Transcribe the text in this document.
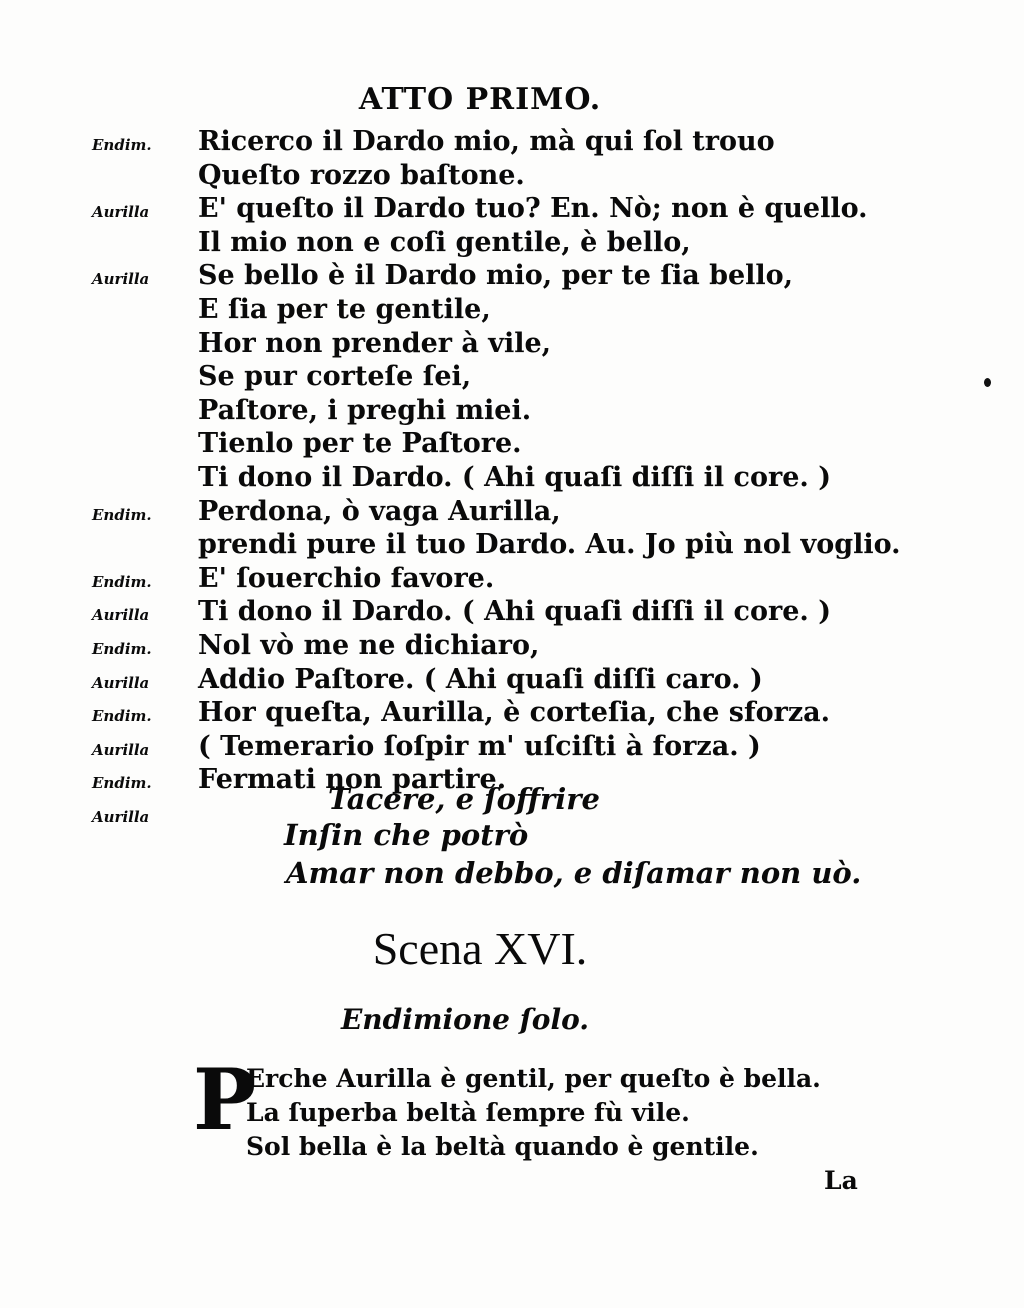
ATTO PRIMO.
Endim. Ricerco il Dardo mio, mà qui ſol trouo
Queſto rozzo baſtone.
Aurilla E' queſto il Dardo tuo? En. Nò; non è quello.
Il mio non e coſi gentile, è bello,
Aurilla Se bello è il Dardo mio, per te ſia bello,
E ſia per te gentile,
Hor non prender à vile,
Se pur corteſe ſei,
Paſtore, i preghi miei.
Tienlo per te Paſtore.
Ti dono il Dardo. ( Ahi quaſi diſſi il core. )
Endim. Perdona, ò vaga Aurilla,
prendi pure il tuo Dardo. Au. Jo più nol voglio.
Endim. E' ſouerchio favore.
Aurilla Ti dono il Dardo. ( Ahi quaſi diſſi il core. )
Endim. Nol vò me ne dichiaro,
Aurilla Addio Paſtore. ( Ahi quaſi diſſi caro. )
Endim. Hor queſta, Aurilla, è corteſia, che sforza.
Aurilla ( Temerario ſoſpir m' uſciſti à forza. )
Endim. Fermati non partire.
Aurilla
Tacere, e ſoffrire
Inſin che potrò
Amar non debbo, e diſamar non uò.
Scena XVI.
Endimione ſolo.
P
Erche Aurilla è gentil, per queſto è bella.
La ſuperba beltà ſempre fù vile.
Sol bella è la beltà quando è gentile.
La
